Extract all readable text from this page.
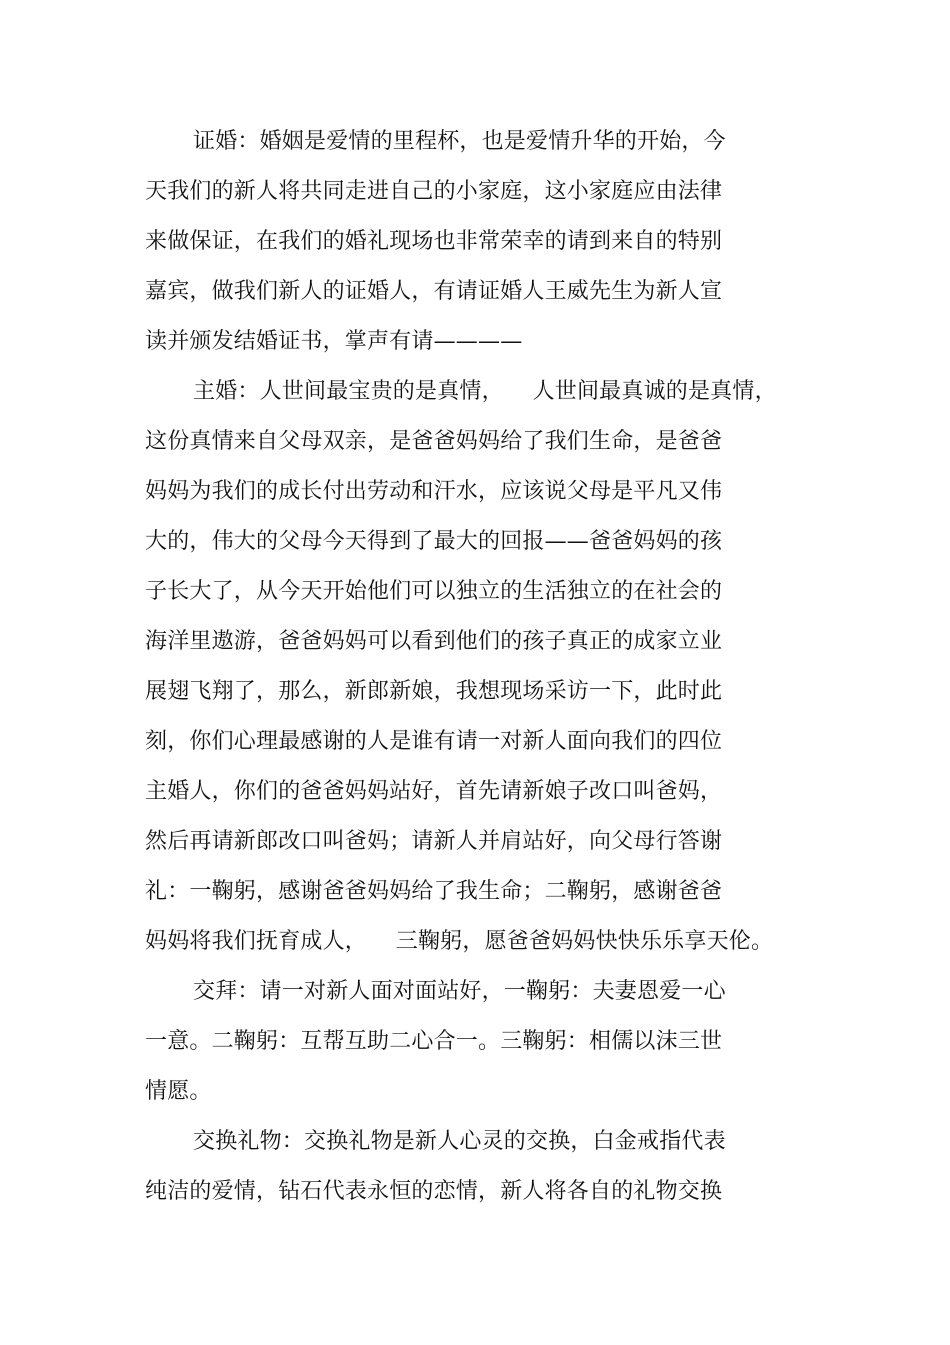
证婚：婚姻是爱情的里程杯，也是爱情升华的开始，今
天我们的新人将共同走进自己的小家庭，这小家庭应由法律
来做保证，在我们的婚礼现场也非常荣幸的请到来自的特别
嘉宾，做我们新人的证婚人，有请证婚人王威先生为新人宣
读并颁发结婚证书，掌声有请————
主婚：人世间最宝贵的是真情，    人世间最真诚的是真情，
这份真情来自父母双亲，是爸爸妈妈给了我们生命，是爸爸
妈妈为我们的成长付出劳动和汗水，应该说父母是平凡又伟
大的，伟大的父母今天得到了最大的回报——爸爸妈妈的孩
子长大了，从今天开始他们可以独立的生活独立的在社会的
海洋里遨游，爸爸妈妈可以看到他们的孩子真正的成家立业
展翅飞翔了，那么，新郎新娘，我想现场采访一下，此时此
刻，你们心理最感谢的人是谁有请一对新人面向我们的四位
主婚人，你们的爸爸妈妈站好，首先请新娘子改口叫爸妈，
然后再请新郎改口叫爸妈；请新人并肩站好，向父母行答谢
礼：一鞠躬，感谢爸爸妈妈给了我生命；二鞠躬，感谢爸爸
妈妈将我们抚育成人，    三鞠躬，愿爸爸妈妈快快乐乐享天伦。
交拜：请一对新人面对面站好，一鞠躬：夫妻恩爱一心
一意。二鞠躬：互帮互助二心合一。三鞠躬：相儒以沫三世
情愿。
交换礼物：交换礼物是新人心灵的交换，白金戒指代表
纯洁的爱情，钻石代表永恒的恋情，新人将各自的礼物交换
